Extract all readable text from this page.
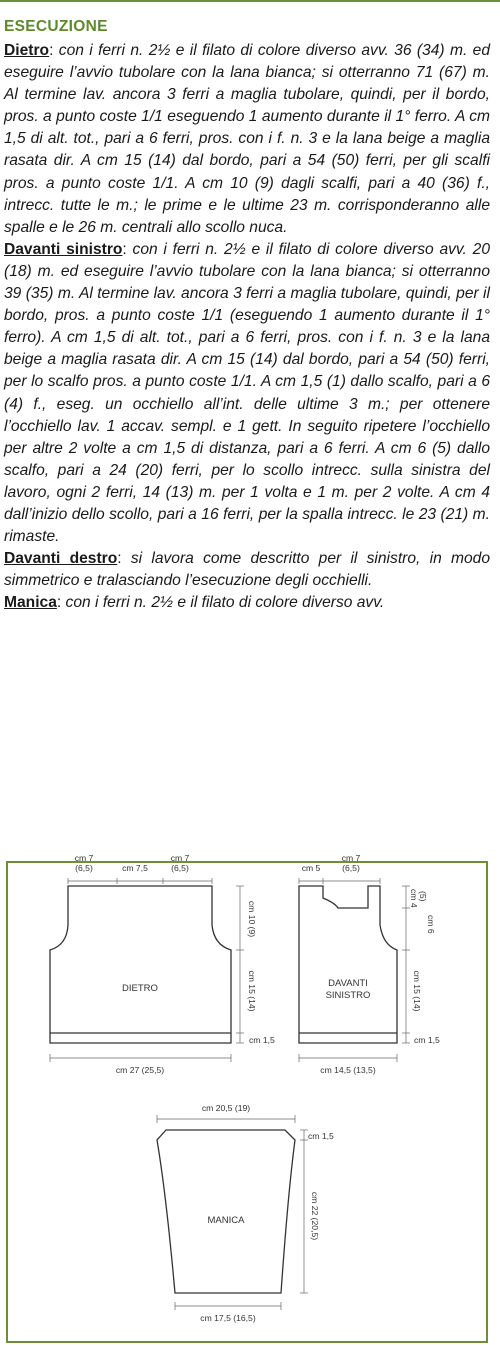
ESECUZIONE

Dietro: con i ferri n. 2½ e il filato di colore diverso avv. 36 (34) m. ed eseguire l’avvio tubolare con la lana bianca; si otterranno 71 (67) m. Al termine lav. ancora 3 ferri a maglia tubolare, quindi, per il bordo, pros. a punto coste 1/1 eseguendo 1 aumento durante il 1° ferro. A cm 1,5 di alt. tot., pari a 6 ferri, pros. con i f. n. 3 e la lana beige a maglia rasata dir. A cm 15 (14) dal bordo, pari a 54 (50) ferri, per gli scalfi pros. a punto coste 1/1. A cm 10 (9) dagli scalfi, pari a 40 (36) f., intrecc. tutte le m.; le prime e le ultime 23 m. corrisponderanno alle spalle e le 26 m. centrali allo scollo nuca.

Davanti sinistro: con i ferri n. 2½ e il filato di colore diverso avv. 20 (18) m. ed eseguire l’avvio tubolare con la lana bianca; si otterranno 39 (35) m. Al termine lav. ancora 3 ferri a maglia tubolare, quindi, per il bordo, pros. a punto coste 1/1 (eseguendo 1 aumento durante il 1° ferro). A cm 1,5 di alt. tot., pari a 6 ferri, pros. con i f. n. 3 e la lana beige a maglia rasata dir. A cm 15 (14) dal bordo, pari a 54 (50) ferri, per lo scalfo pros. a punto coste 1/1. A cm 1,5 (1) dallo scalfo, pari a 6 (4) f., eseg. un occhiello all’int. delle ultime 3 m.; per ottenere l’occhiello lav. 1 accav. sempl. e 1 gett. In seguito ripetere l’occhiello per altre 2 volte a cm 1,5 di distanza, pari a 6 ferri. A cm 6 (5) dallo scalfo, pari a 24 (20) ferri, per lo scollo intrecc. sulla sinistra del lavoro, ogni 2 ferri, 14 (13) m. per 1 volta e 1 m. per 2 volte. A cm 4 dall’inizio dello scollo, pari a 16 ferri, per la spalla intrecc. le 23 (21) m. rimaste.

Davanti destro: si lavora come descritto per il sinistro, in modo simmetrico e tralasciando l’esecuzione degli occhielli.

Manica: con i ferri n. 2½ e il filato di colore diverso avv.

cm 7
(6,5)	cm 7,5
cm 7
(6,5)
DIETRO
cm 10 (9)
cm 15 (14)
cm 1,5
cm 27 (25,5)
cm 5
cm 7
(6,5)
cm 4 (5)
cm 6
DAVANTI
SINISTRO	cm 15 (14)
cm 1,5
cm 14,5 (13,5)
cm 20,5 (19)
cm 1,5
cm 22 (20,5)
MANICA
cm 17,5 (16,5)
